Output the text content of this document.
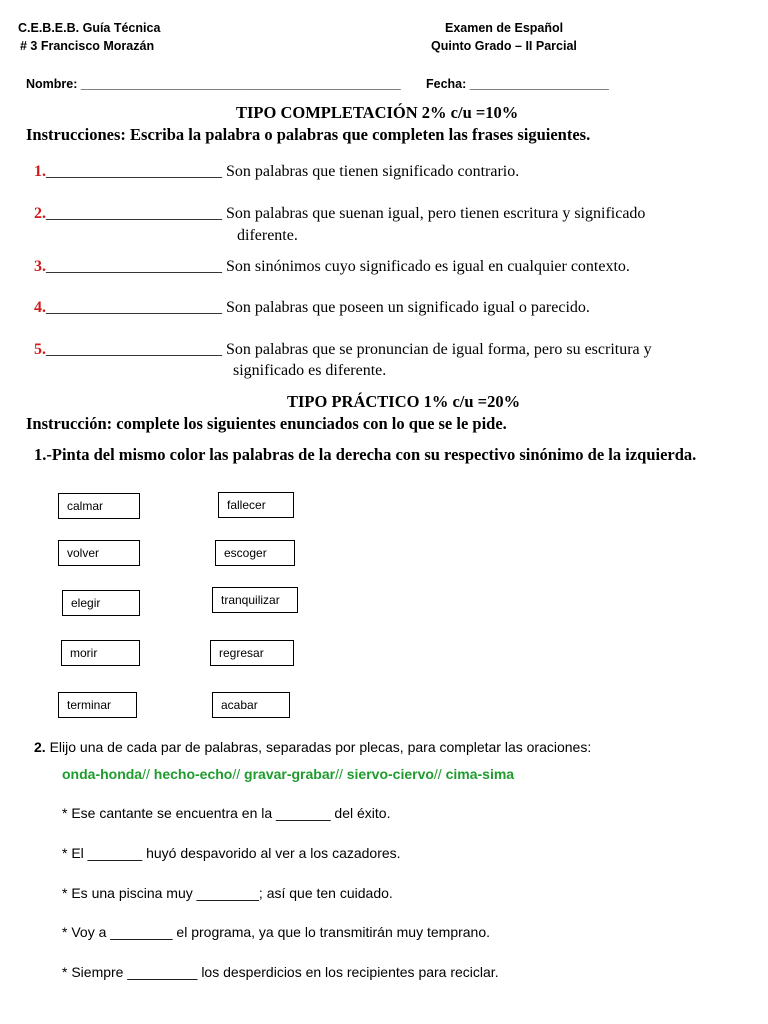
C.E.B.E.B. Guía Técnica
# 3 Francisco Morazán
Examen de Español
Quinto Grado – II Parcial
Nombre: ______________________________________________ Fecha: ____________________
TIPO COMPLETACIÓN 2% c/u =10%
Instrucciones: Escriba la palabra o palabras que completen las frases siguientes.
1.______________________ Son palabras que tienen significado contrario.
2.______________________ Son palabras que suenan igual, pero tienen escritura y significado
diferente.
3.______________________ Son sinónimos cuyo significado es igual en cualquier contexto.
4.______________________ Son palabras que poseen un significado igual o parecido.
5.______________________ Son palabras que se pronuncian de igual forma, pero su escritura y
significado es diferente.
TIPO PRÁCTICO 1% c/u =20%
Instrucción: complete los siguientes enunciados con lo que se le pide.
1.-Pinta del mismo color las palabras de la derecha con su respectivo sinónimo de la izquierda.
calmar
volver
elegir
morir
terminar
fallecer
escoger
tranquilizar
regresar
acabar
2. Elijo una de cada par de palabras, separadas por plecas, para completar las oraciones:
onda-honda// hecho-echo// gravar-grabar// siervo-ciervo// cima-sima
* Ese cantante se encuentra en la _______ del éxito.
* El _______ huyó despavorido al ver a los cazadores.
* Es una piscina muy ________; así que ten cuidado.
* Voy a ________ el programa, ya que lo transmitirán muy temprano.
* Siempre _________ los desperdicios en los recipientes para reciclar.
